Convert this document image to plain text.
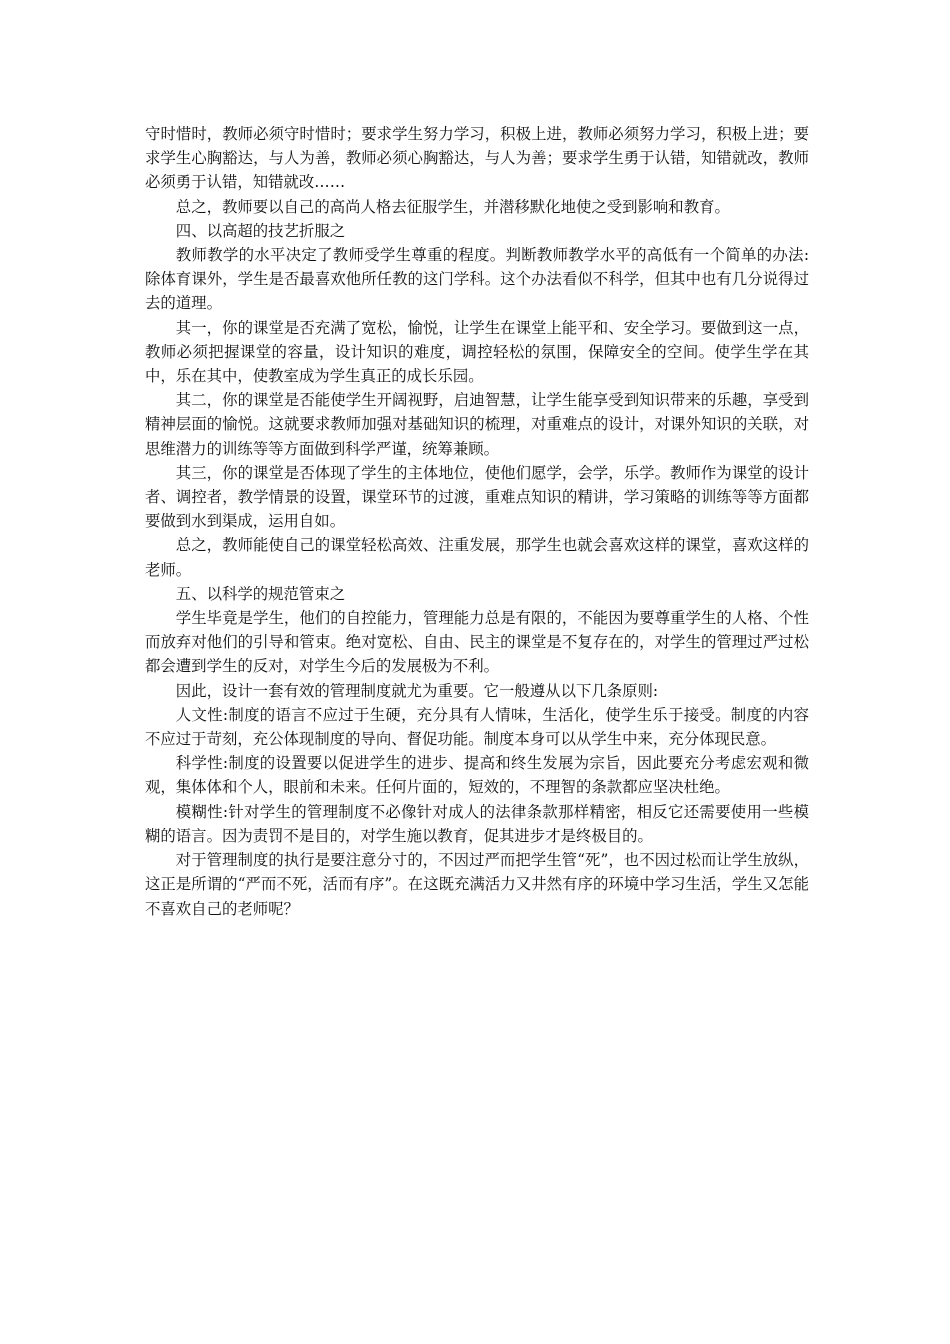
守时惜时，教师必须守时惜时；要求学生努力学习，积极上进，教师必须努力学习，积极上进；要求学生心胸豁达，与人为善，教师必须心胸豁达，与人为善；要求学生勇于认错，知错就改，教师必须勇于认错，知错就改……

总之，教师要以自己的高尚人格去征服学生，并潜移默化地使之受到影响和教育。

四、以高超的技艺折服之

教师教学的水平决定了教师受学生尊重的程度。判断教师教学水平的高低有一个简单的办法:除体育课外，学生是否最喜欢他所任教的这门学科。这个办法看似不科学，但其中也有几分说得过去的道理。

其一，你的课堂是否充满了宽松，愉悦，让学生在课堂上能平和、安全学习。要做到这一点，教师必须把握课堂的容量，设计知识的难度，调控轻松的氛围，保障安全的空间。使学生学在其中，乐在其中，使教室成为学生真正的成长乐园。

其二，你的课堂是否能使学生开阔视野，启迪智慧，让学生能享受到知识带来的乐趣，享受到精神层面的愉悦。这就要求教师加强对基础知识的梳理，对重难点的设计，对课外知识的关联，对思维潜力的训练等等方面做到科学严谨，统筹兼顾。

其三，你的课堂是否体现了学生的主体地位，使他们愿学，会学，乐学。教师作为课堂的设计者、调控者，教学情景的设置，课堂环节的过渡，重难点知识的精讲，学习策略的训练等等方面都要做到水到渠成，运用自如。

总之，教师能使自己的课堂轻松高效、注重发展，那学生也就会喜欢这样的课堂，喜欢这样的老师。

五、以科学的规范管束之

学生毕竟是学生，他们的自控能力，管理能力总是有限的，不能因为要尊重学生的人格、个性而放弃对他们的引导和管束。绝对宽松、自由、民主的课堂是不复存在的，对学生的管理过严过松都会遭到学生的反对，对学生今后的发展极为不利。

因此，设计一套有效的管理制度就尤为重要。它一般遵从以下几条原则:

人文性:制度的语言不应过于生硬，充分具有人情味，生活化，使学生乐于接受。制度的内容不应过于苛刻，充公体现制度的导向、督促功能。制度本身可以从学生中来，充分体现民意。

科学性:制度的设置要以促进学生的进步、提高和终生发展为宗旨，因此要充分考虑宏观和微观，集体体和个人，眼前和未来。任何片面的，短效的，不理智的条款都应坚决杜绝。

模糊性:针对学生的管理制度不必像针对成人的法律条款那样精密，相反它还需要使用一些模糊的语言。因为责罚不是目的，对学生施以教育，促其进步才是终极目的。

对于管理制度的执行是要注意分寸的，不因过严而把学生管“死”，也不因过松而让学生放纵，这正是所谓的“严而不死，活而有序”。在这既充满活力又井然有序的环境中学习生活，学生又怎能不喜欢自己的老师呢？
